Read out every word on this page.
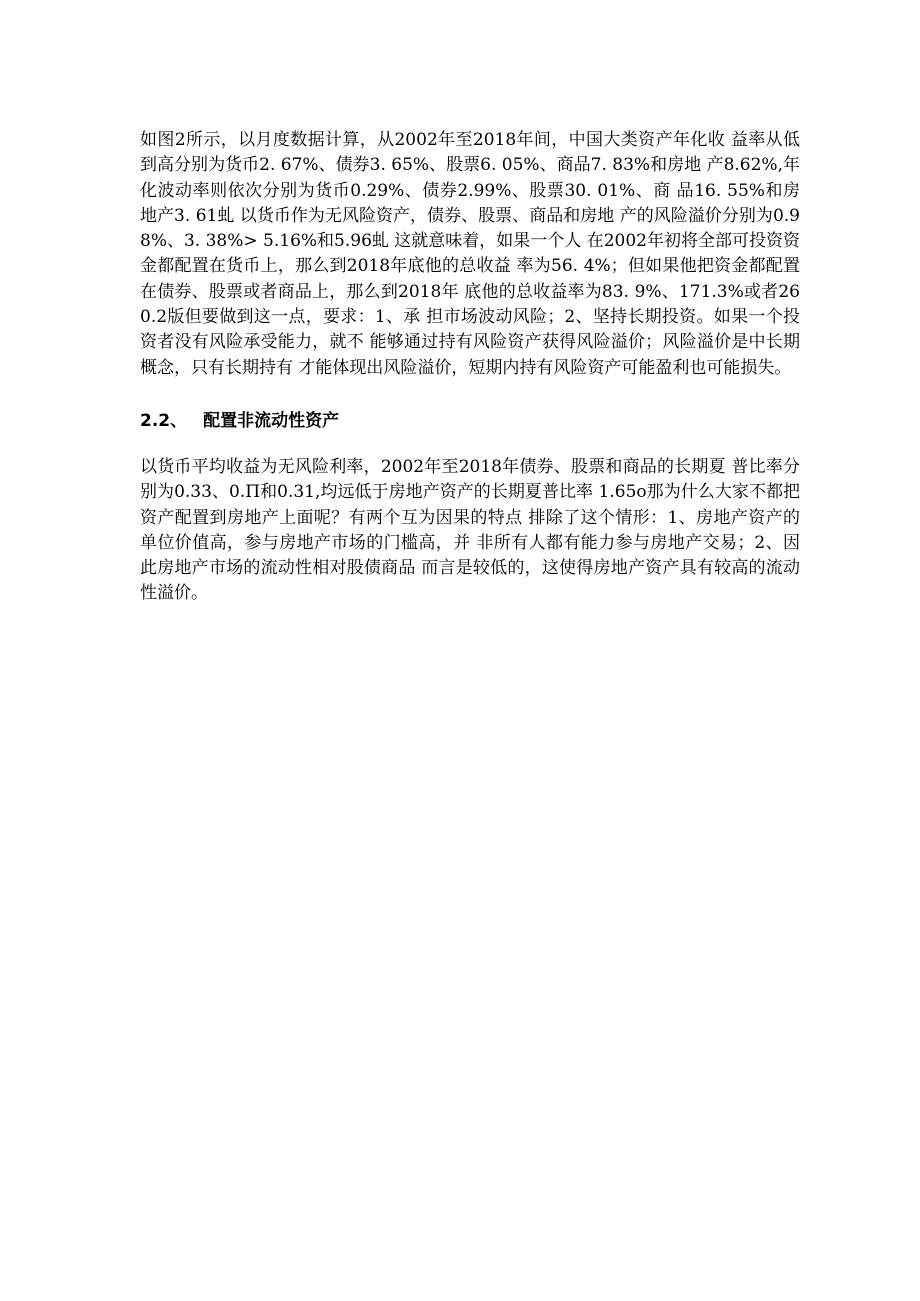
如图2所示，以月度数据计算，从2002年至2018年间，中国大类资产年化收 益率从低到高分别为货币2. 67%、债券3. 65%、股票6. 05%、商品7. 83%和房地 产8.62%,年化波动率则依次分别为货币0.29%、债券2.99%、股票30. 01%、商 品16. 55%和房地产3. 61虬 以货币作为无风险资产，债券、股票、商品和房地 产的风险溢价分别为0.98%、3. 38%> 5.16%和5.96虬 这就意味着，如果一个人 在2002年初将全部可投资资金都配置在货币上，那么到2018年底他的总收益 率为56. 4%；但如果他把资金都配置在债券、股票或者商品上，那么到2018年 底他的总收益率为83. 9%、171.3%或者260.2版但要做到这一点，要求：1、承 担市场波动风险；2、坚持长期投资。如果一个投资者没有风险承受能力，就不 能够通过持有风险资产获得风险溢价；风险溢价是中长期概念，只有长期持有 才能体现出风险溢价，短期内持有风险资产可能盈利也可能损失。

2.2、 配置非流动性资产

以货币平均收益为无风险利率，2002年至2018年债券、股票和商品的长期夏 普比率分别为0.33、0.Π和0.31,均远低于房地产资产的长期夏普比率 1.65o那为什么大家不都把资产配置到房地产上面呢？有两个互为因果的特点 排除了这个情形：1、房地产资产的单位价值高，参与房地产市场的门槛高，并 非所有人都有能力参与房地产交易；2、因此房地产市场的流动性相对股债商品 而言是较低的，这使得房地产资产具有较高的流动性溢价。
